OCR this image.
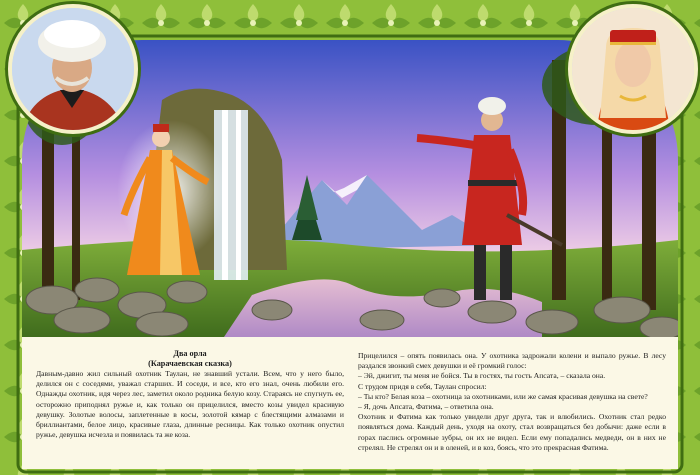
Два орла

(Карачаевская сказка)

Давным-давно жил сильный охотник Таулан, не знавший устали. Всем, что у него было, делился он с соседями, уважал старших. И соседи, и все, кто его знал, очень любили его. Однажды охотник, идя через лес, заметил около родника белую козу. Стараясь не спугнуть ее, осторожно приподнял ружье и, как только он прицелился, вместо козы увидел красивую девушку. Золотые волосы, заплетенные в косы, золотой кямар с блестящими алмазами и бриллиантами, белое лицо, красивые глаза, длинные ресницы. Как только охотник опустил ружье, девушка исчезла и появилась та же коза.

Прицелился – опять появилась она. У охотника задрожали колени и выпало ружье. В лесу раздался звонкий смех девушки и её громкий голос:

– Эй, джигит, ты меня не бойся. Ты в гостях, ты гость Апсата, – сказала она.

С трудом придя в себя, Таулан спросил:

– Ты кто? Белая коза – охотница за охотниками, или же самая красивая девушка на свете?

– Я, дочь Апсата, Фатима, – ответила она.

Охотник и Фатима как только увидели друг друга, так и влюбились. Охотник стал редко появляться дома. Каждый день, уходя на охоту, стал возвращаться без добычи: даже если в горах паслись огромные зубры, он их не видел. Если ему попадались медведи, он в них не стрелял. Не стрелял он и в оленей, и в коз, боясь, что это прекрасная Фатима.
